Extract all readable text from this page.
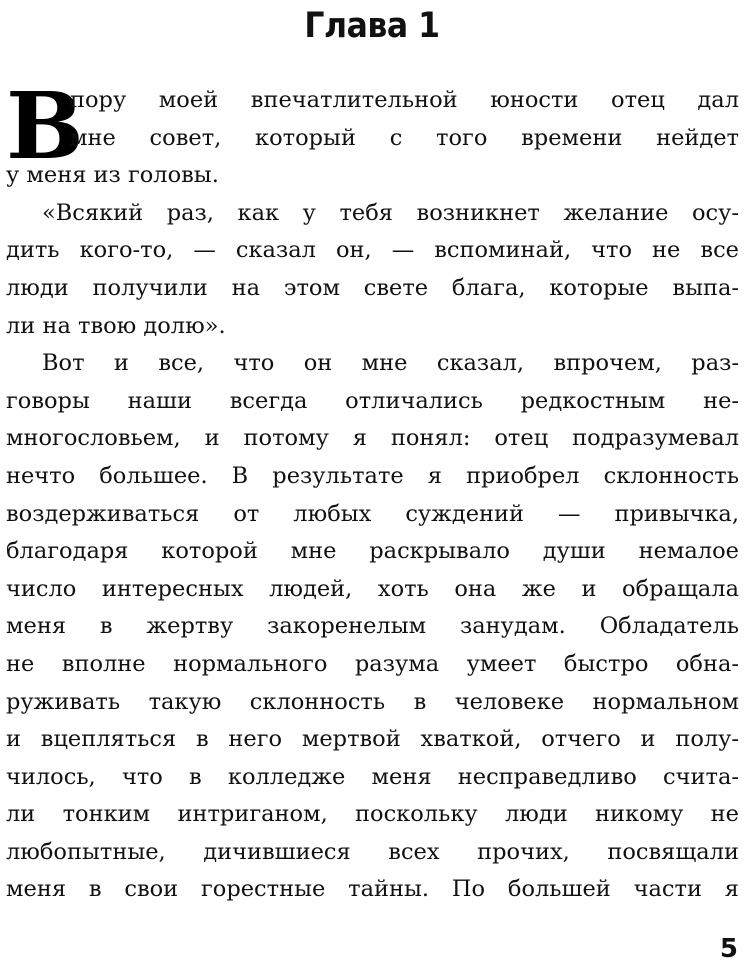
Глава 1
В
пору моей впечатлительной юности отец дал
мне совет, который с того времени нейдет
у меня из головы.
«Всякий раз, как у тебя возникнет желание осу-
дить кого-то, — сказал он, — вспоминай, что не все
люди получили на этом свете блага, которые выпа-
ли на твою долю».
Вот и все, что он мне сказал, впрочем, раз-
говоры наши всегда отличались редкостным не-
многословьем, и потому я понял: отец подразумевал
нечто большее. В результате я приобрел склонность
воздерживаться от любых суждений — привычка,
благодаря которой мне раскрывало души немалое
число интересных людей, хоть она же и обращала
меня в жертву закоренелым занудам. Обладатель
не вполне нормального разума умеет быстро обна-
руживать такую склонность в человеке нормальном
и вцепляться в него мертвой хваткой, отчего и полу-
чилось, что в колледже меня несправедливо счита-
ли тонким интриганом, поскольку люди никому не
любопытные, дичившиеся всех прочих, посвящали
меня в свои горестные тайны. По большей части я
5
